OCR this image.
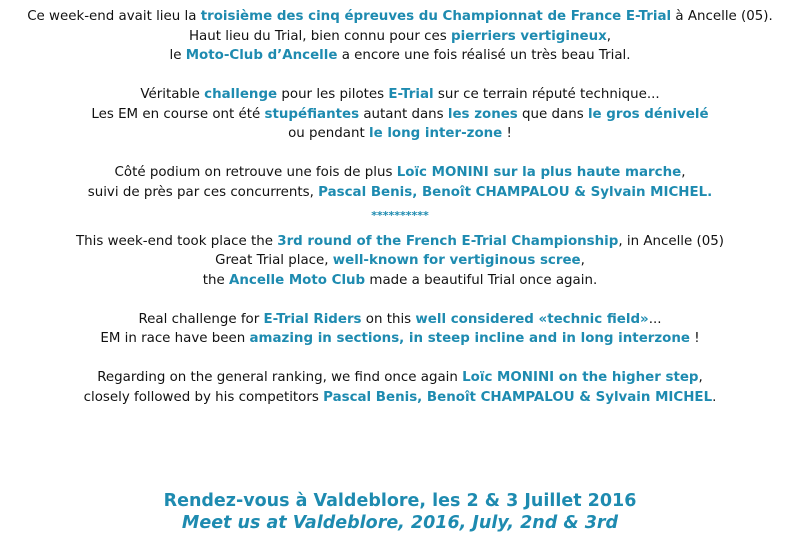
Ce week-end avait lieu la troisième des cinq épreuves du Championnat de France E-Trial à Ancelle (05).
Haut lieu du Trial, bien connu pour ces pierriers vertigineux,
le Moto-Club d’Ancelle a encore une fois réalisé un très beau Trial.
Véritable challenge pour les pilotes E-Trial sur ce terrain réputé technique...
Les EM en course ont été stupéfiantes autant dans les zones que dans le gros dénivelé
ou pendant le long inter-zone !
Côté podium on retrouve une fois de plus Loïc MONINI sur la plus haute marche,
suivi de près par ces concurrents, Pascal Benis, Benoît CHAMPALOU & Sylvain MICHEL.
**********
This week-end took place the 3rd round of the French E-Trial Championship, in Ancelle (05)
Great Trial place, well-known for vertiginous scree,
the Ancelle Moto Club made a beautiful Trial once again.
Real challenge for E-Trial Riders on this well considered «technic field»...
EM in race have been amazing in sections, in steep incline and in long interzone !
Regarding on the general ranking, we find once again Loïc MONINI on the higher step,
closely followed by his competitors Pascal Benis, Benoît CHAMPALOU & Sylvain MICHEL.
Rendez-vous à Valdeblore, les 2 & 3 Juillet 2016
Meet us at Valdeblore, 2016, July, 2nd & 3rd
